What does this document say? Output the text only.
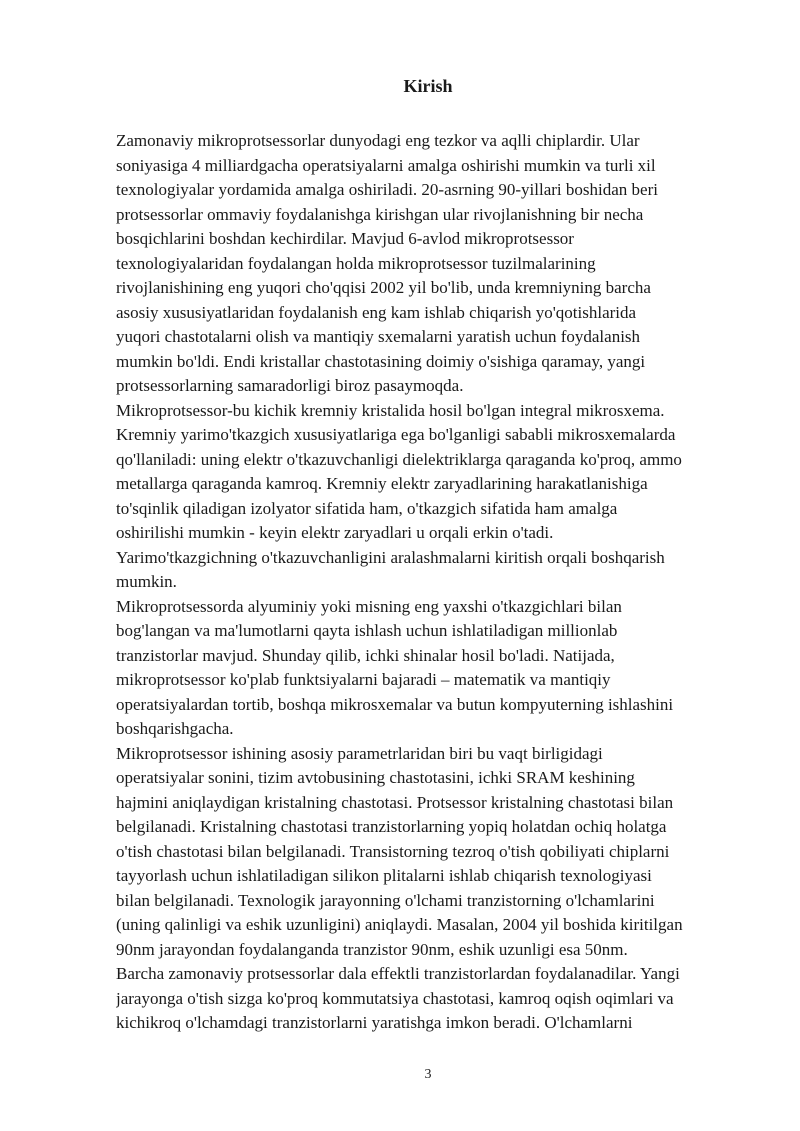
Kirish
Zamonaviy mikroprotsessorlar dunyodagi eng tezkor va aqlli chiplardir. Ular
soniyasiga 4 milliardgacha operatsiyalarni amalga oshirishi mumkin va turli xil
texnologiyalar yordamida amalga oshiriladi. 20-asrning 90-yillari boshidan beri
protsessorlar ommaviy foydalanishga kirishgan ular rivojlanishning bir necha
bosqichlarini boshdan kechirdilar. Mavjud 6-avlod mikroprotsessor
texnologiyalaridan foydalangan holda mikroprotsessor tuzilmalarining
rivojlanishining eng yuqori cho'qqisi 2002 yil bo'lib, unda kremniyning barcha
asosiy xususiyatlaridan foydalanish eng kam ishlab chiqarish yo'qotishlarida
yuqori chastotalarni olish va mantiqiy sxemalarni yaratish uchun foydalanish
mumkin bo'ldi. Endi kristallar chastotasining doimiy o'sishiga qaramay, yangi
protsessorlarning samaradorligi biroz pasaymoqda.
Mikroprotsessor-bu kichik kremniy kristalida hosil bo'lgan integral mikrosxema.
Kremniy yarimo'tkazgich xususiyatlariga ega bo'lganligi sababli mikrosxemalarda
qo'llaniladi: uning elektr o'tkazuvchanligi dielektriklarga qaraganda ko'proq, ammo
metallarga qaraganda kamroq. Kremniy elektr zaryadlarining harakatlanishiga
to'sqinlik qiladigan izolyator sifatida ham, o'tkazgich sifatida ham amalga
oshirilishi mumkin - keyin elektr zaryadlari u orqali erkin o'tadi.
Yarimo'tkazgichning o'tkazuvchanligini aralashmalarni kiritish orqali boshqarish
mumkin.
Mikroprotsessorda alyuminiy yoki misning eng yaxshi o'tkazgichlari bilan
bog'langan va ma'lumotlarni qayta ishlash uchun ishlatiladigan millionlab
tranzistorlar mavjud. Shunday qilib, ichki shinalar hosil bo'ladi. Natijada,
mikroprotsessor ko'plab funktsiyalarni bajaradi – matematik va mantiqiy
operatsiyalardan tortib, boshqa mikrosxemalar va butun kompyuterning ishlashini
boshqarishgacha.
Mikroprotsessor ishining asosiy parametrlaridan biri bu vaqt birligidagi
operatsiyalar sonini, tizim avtobusining chastotasini, ichki SRAM keshining
hajmini aniqlaydigan kristalning chastotasi. Protsessor kristalning chastotasi bilan
belgilanadi. Kristalning chastotasi tranzistorlarning yopiq holatdan ochiq holatga
o'tish chastotasi bilan belgilanadi. Transistorning tezroq o'tish qobiliyati chiplarni
tayyorlash uchun ishlatiladigan silikon plitalarni ishlab chiqarish texnologiyasi
bilan belgilanadi. Texnologik jarayonning o'lchami tranzistorning o'lchamlarini
(uning qalinligi va eshik uzunligini) aniqlaydi. Masalan, 2004 yil boshida kiritilgan
90nm jarayondan foydalanganda tranzistor 90nm, eshik uzunligi esa 50nm.
Barcha zamonaviy protsessorlar dala effektli tranzistorlardan foydalanadilar. Yangi
jarayonga o'tish sizga ko'proq kommutatsiya chastotasi, kamroq oqish oqimlari va
kichikroq o'lchamdagi tranzistorlarni yaratishga imkon beradi. O'lchamlarni
3
